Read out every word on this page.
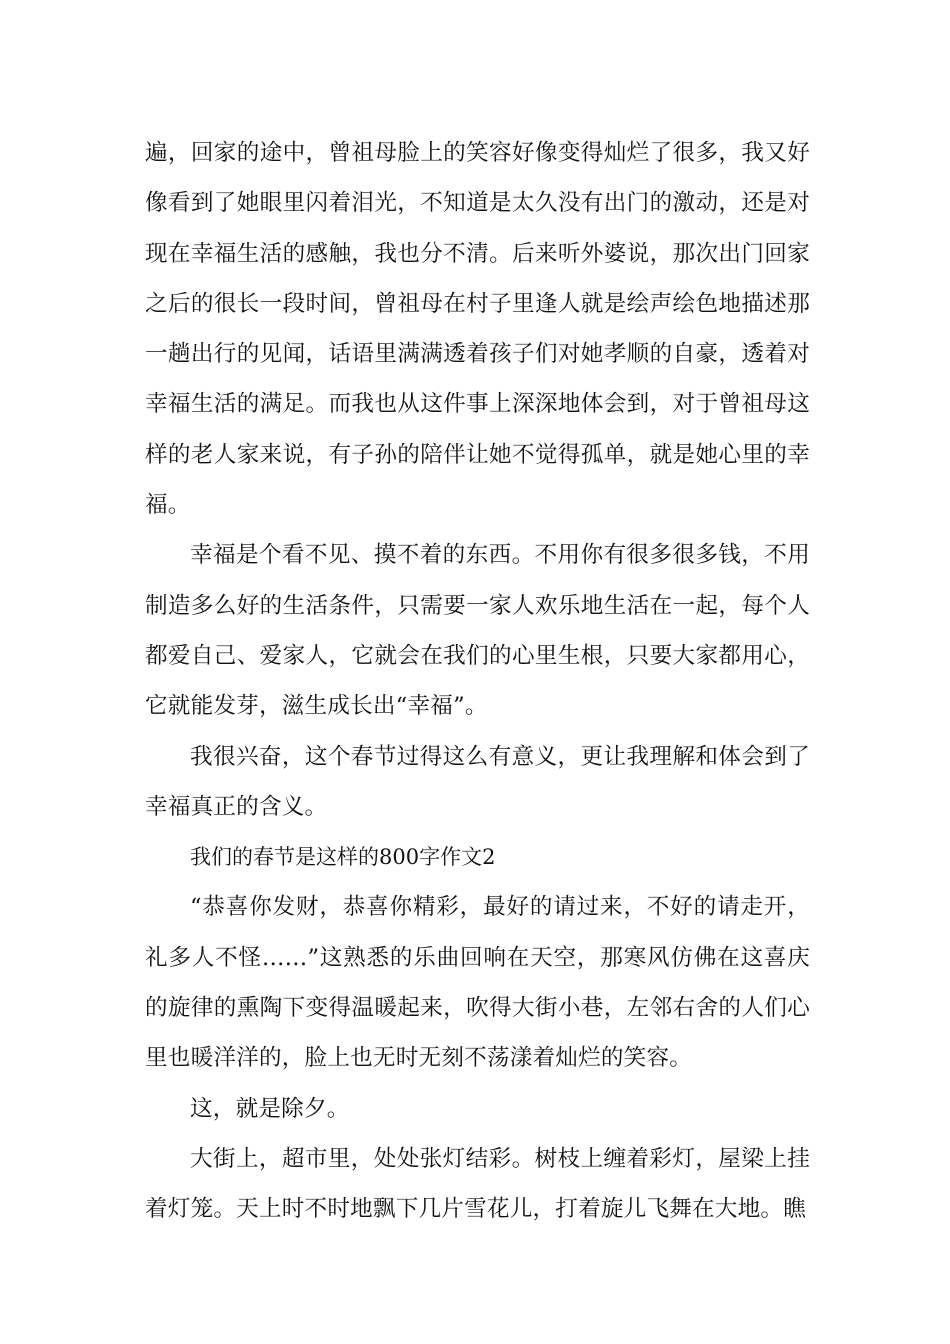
遍，回家的途中，曾祖母脸上的笑容好像变得灿烂了很多，我又好像看到了她眼里闪着泪光，不知道是太久没有出门的激动，还是对现在幸福生活的感触，我也分不清。后来听外婆说，那次出门回家之后的很长一段时间，曾祖母在村子里逢人就是绘声绘色地描述那一趟出行的见闻，话语里满满透着孩子们对她孝顺的自豪，透着对幸福生活的满足。而我也从这件事上深深地体会到，对于曾祖母这样的老人家来说，有子孙的陪伴让她不觉得孤单，就是她心里的幸福。

幸福是个看不见、摸不着的东西。不用你有很多很多钱，不用制造多么好的生活条件，只需要一家人欢乐地生活在一起，每个人都爱自己、爱家人，它就会在我们的心里生根，只要大家都用心，它就能发芽，滋生成长出“幸福”。

我很兴奋，这个春节过得这么有意义，更让我理解和体会到了幸福真正的含义。

我们的春节是这样的800字作文2

“恭喜你发财，恭喜你精彩，最好的请过来，不好的请走开，礼多人不怪……”这熟悉的乐曲回响在天空，那寒风仿佛在这喜庆的旋律的熏陶下变得温暖起来，吹得大街小巷，左邻右舍的人们心里也暖洋洋的，脸上也无时无刻不荡漾着灿烂的笑容。

这，就是除夕。

大街上，超市里，处处张灯结彩。树枝上缠着彩灯，屋梁上挂着灯笼。天上时不时地飘下几片雪花儿，打着旋儿飞舞在大地。瞧
